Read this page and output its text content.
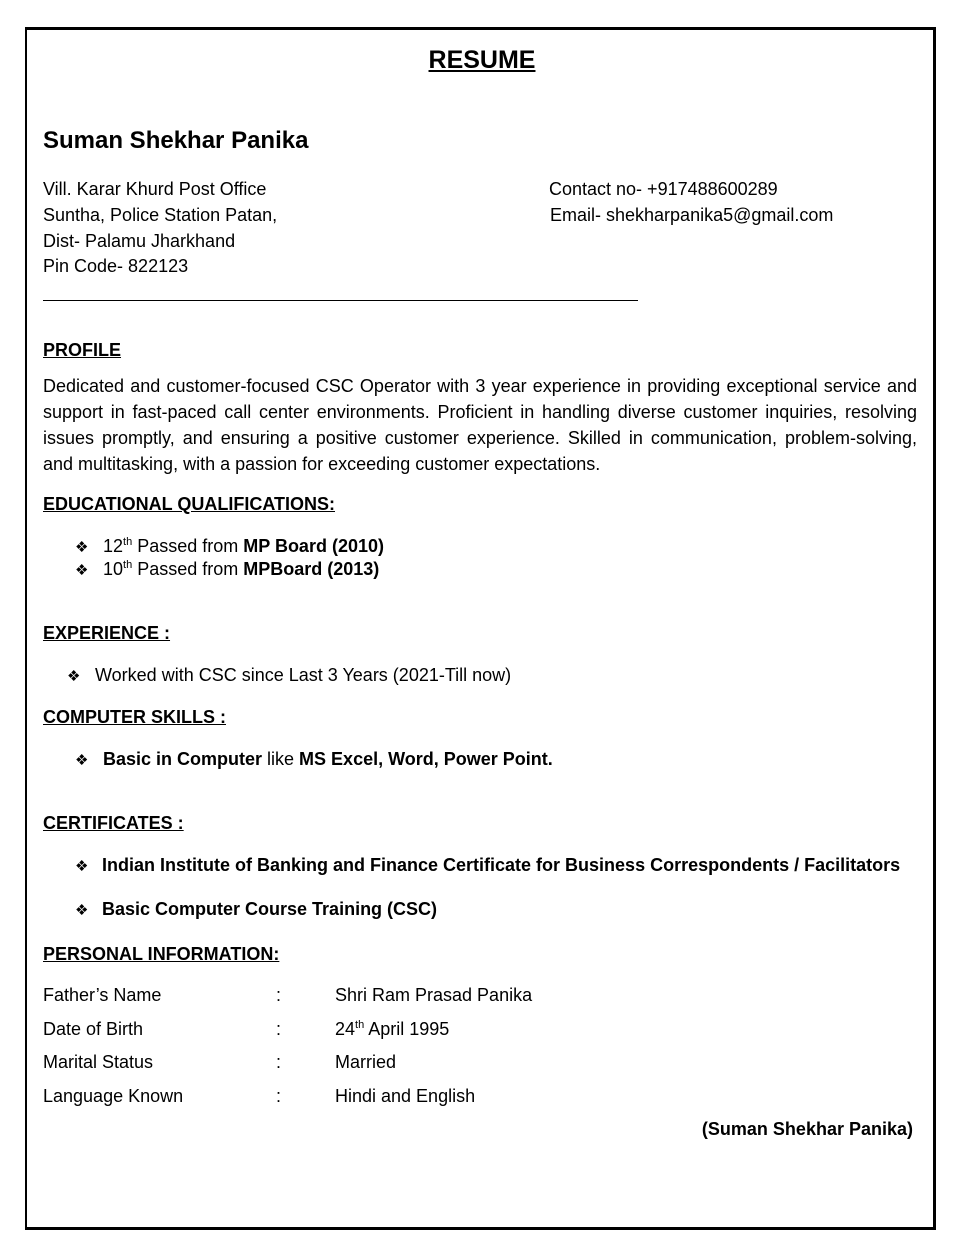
RESUME
Suman Shekhar Panika
Vill. Karar Khurd Post Office
Suntha, Police Station Patan,
Dist- Palamu Jharkhand
Pin Code- 822123
Contact no- +917488600289
Email- shekharpanika5@gmail.com
PROFILE
Dedicated and customer-focused CSC Operator with 3 year experience in providing exceptional service and support in fast-paced call center environments. Proficient in handling diverse customer inquiries, resolving issues promptly, and ensuring a positive customer experience. Skilled in communication, problem-solving, and multitasking, with a passion for exceeding customer expectations.
EDUCATIONAL QUALIFICATIONS:
❖ 12th Passed from MP Board (2010)
❖ 10th Passed from MPBoard (2013)
EXPERIENCE :
❖ Worked with CSC since Last 3 Years (2021-Till now)
COMPUTER SKILLS :
❖ Basic in Computer like MS Excel, Word, Power Point.
CERTIFICATES :
❖ Indian Institute of Banking and Finance Certificate for Business Correspondents / Facilitators
❖ Basic Computer Course Training (CSC)
PERSONAL INFORMATION:
Father’s Name	:	Shri Ram Prasad Panika
Date of Birth	:	24th April 1995
Marital Status	:	Married
Language Known	:	Hindi and English
(Suman Shekhar Panika)
